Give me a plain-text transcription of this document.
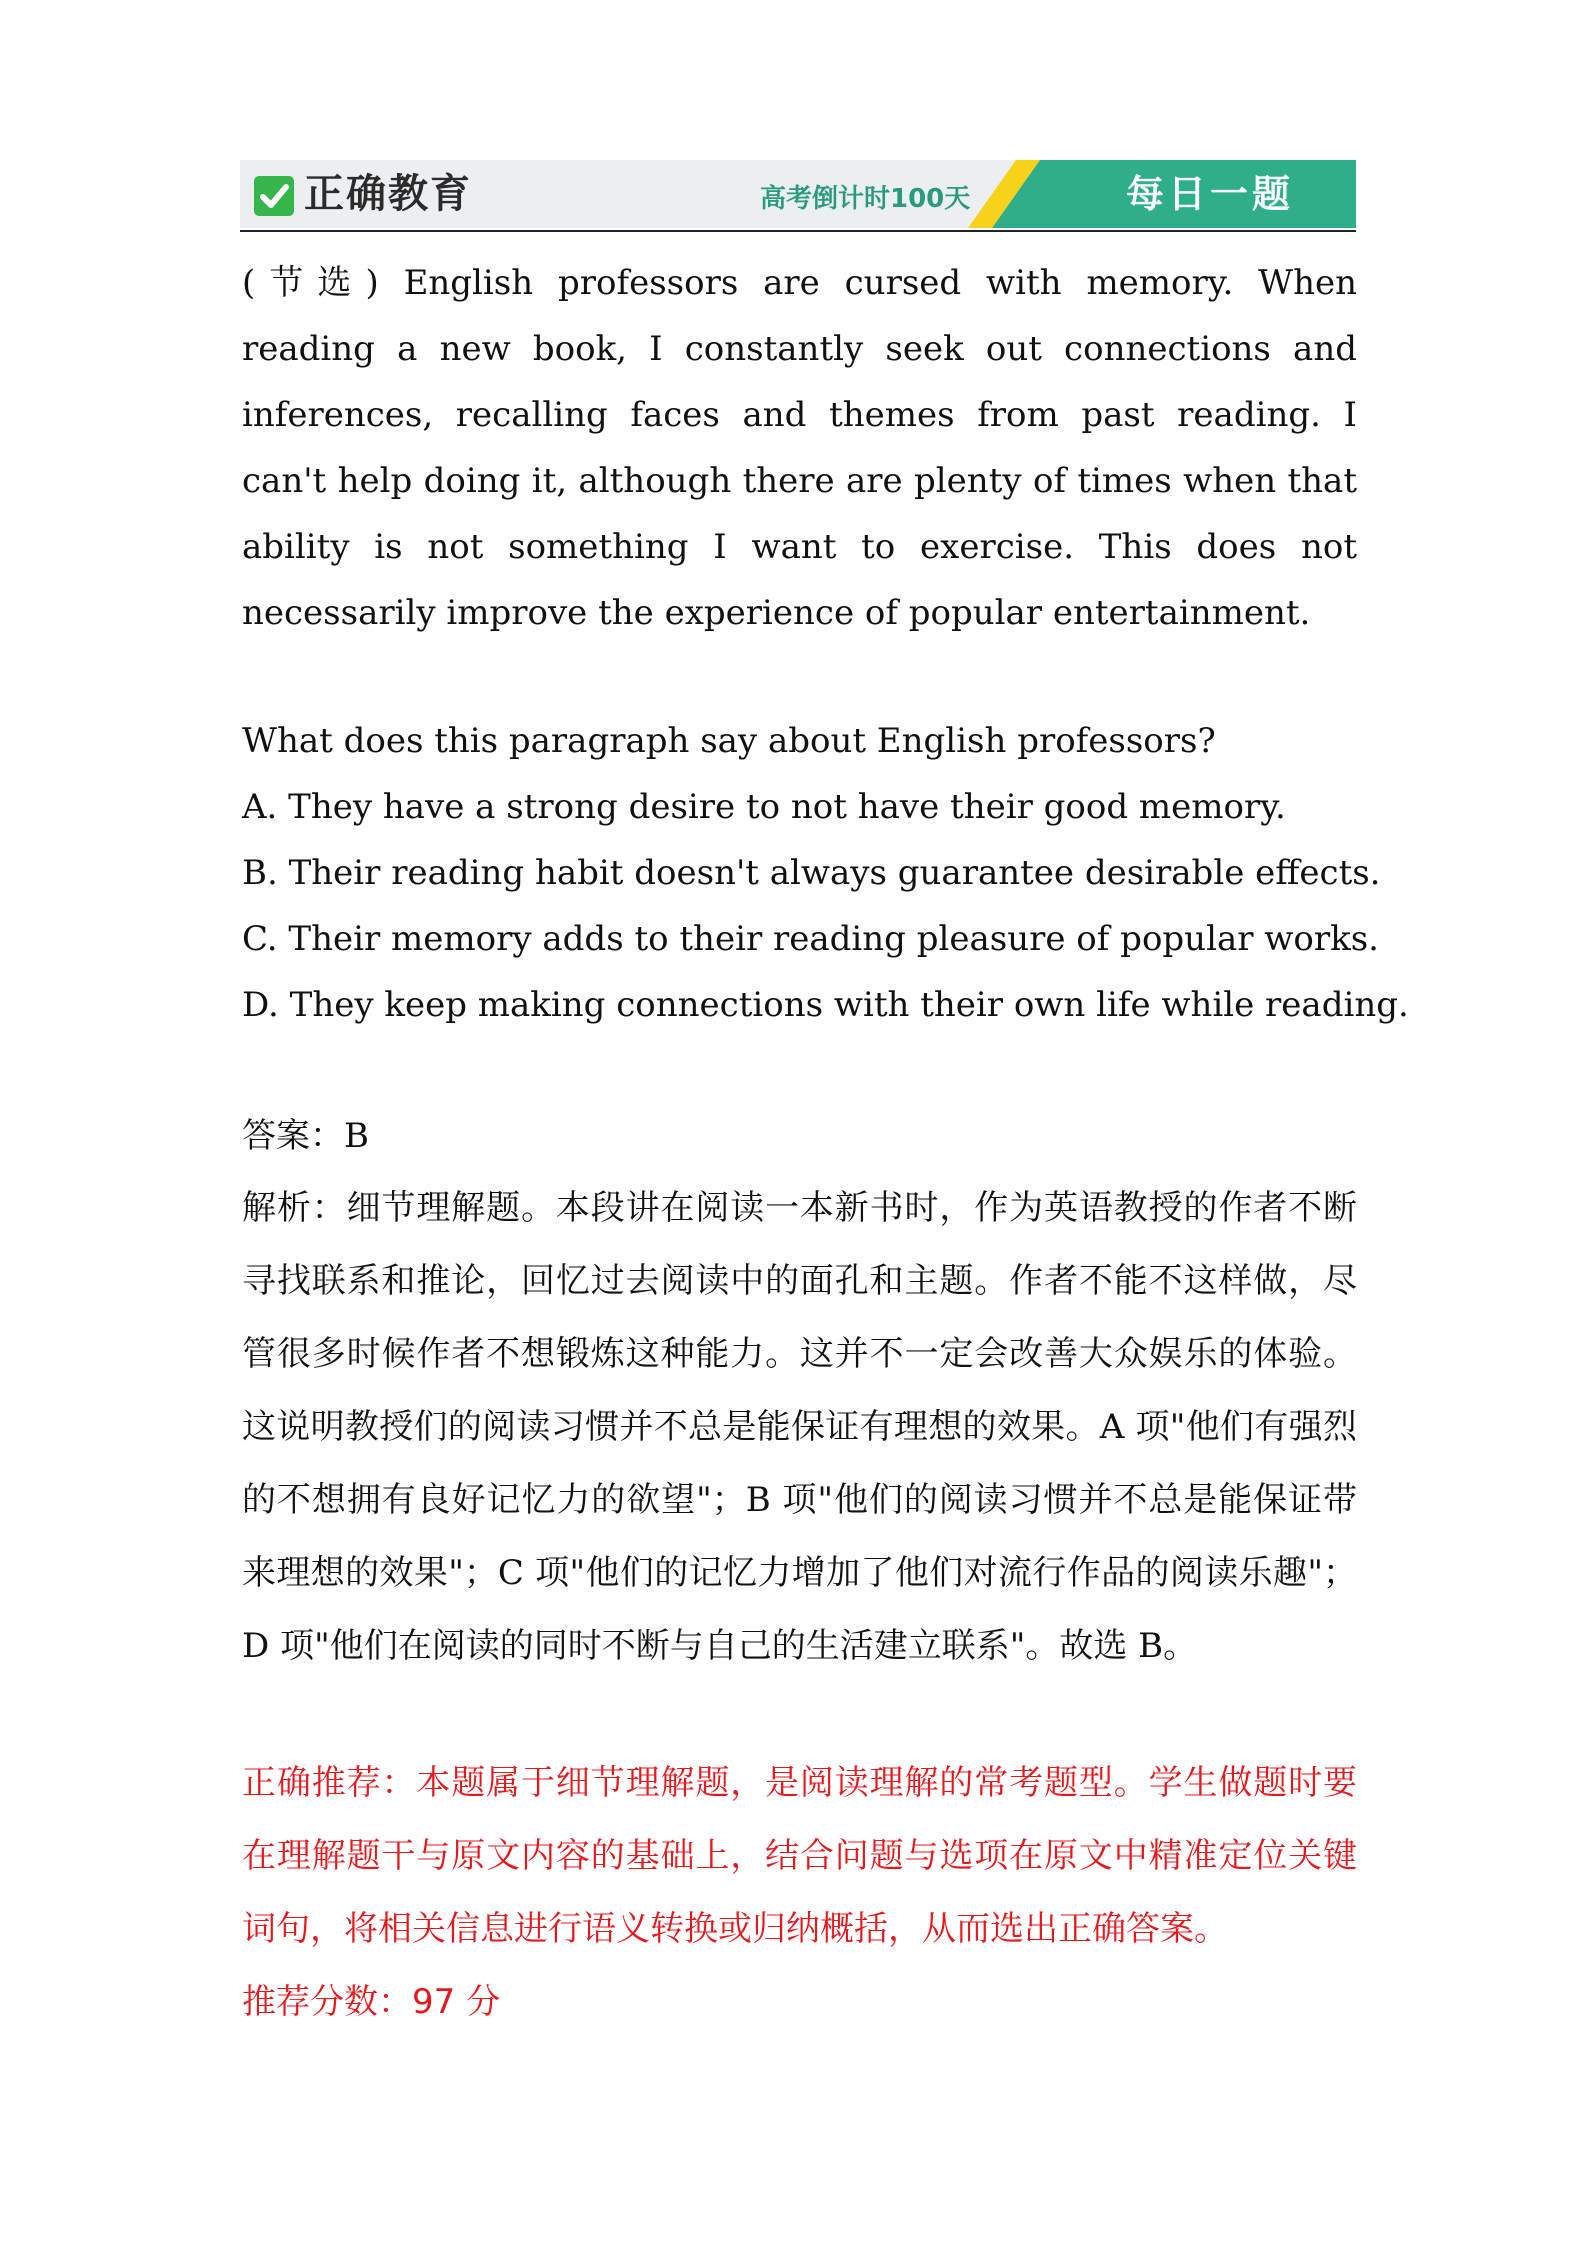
正确教育	高考倒计时100天	每日一题

(节选) English professors are cursed with memory. When reading a new book, I constantly seek out connections and inferences, recalling faces and themes from past reading. I can't help doing it, although there are plenty of times when that ability is not something I want to exercise. This does not necessarily improve the experience of popular entertainment.

What does this paragraph say about English professors?

A. They have a strong desire to not have their good memory.

B. Their reading habit doesn't always guarantee desirable effects.

C. Their memory adds to their reading pleasure of popular works.

D. They keep making connections with their own life while reading.

答案：B

解析：细节理解题。本段讲在阅读一本新书时，作为英语教授的作者不断寻找联系和推论，回忆过去阅读中的面孔和主题。作者不能不这样做，尽管很多时候作者不想锻炼这种能力。这并不一定会改善大众娱乐的体验。这说明教授们的阅读习惯并不总是能保证有理想的效果。A 项"他们有强烈的不想拥有良好记忆力的欲望"；B 项"他们的阅读习惯并不总是能保证带来理想的效果"；C 项"他们的记忆力增加了他们对流行作品的阅读乐趣"；D 项"他们在阅读的同时不断与自己的生活建立联系"。故选 B。

正确推荐：本题属于细节理解题，是阅读理解的常考题型。学生做题时要在理解题干与原文内容的基础上，结合问题与选项在原文中精准定位关键词句，将相关信息进行语义转换或归纳概括，从而选出正确答案。

推荐分数：97 分
